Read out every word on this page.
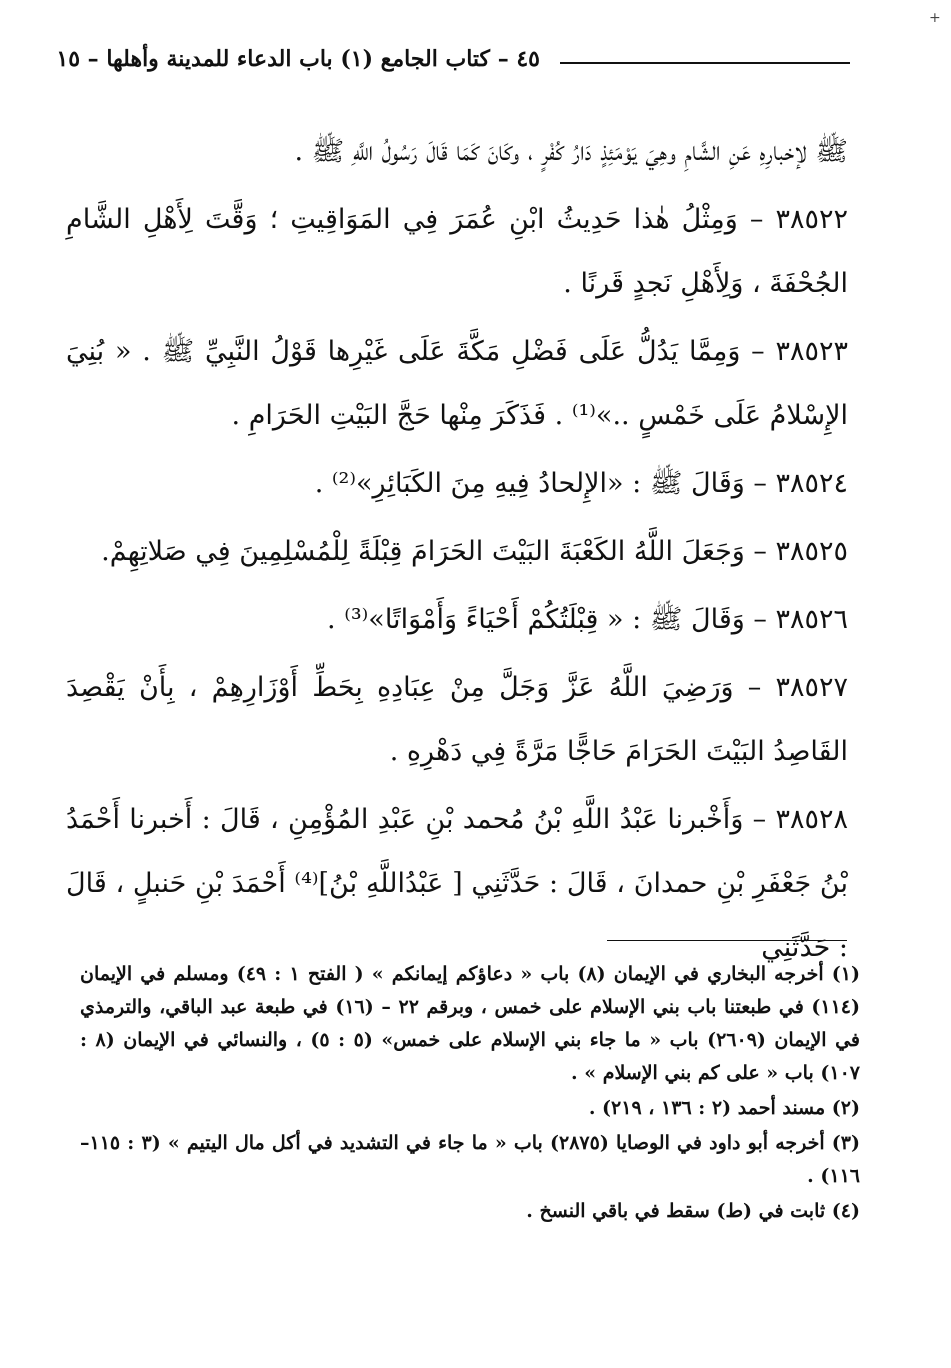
+
٤٥ – كتاب الجامع (١) باب الدعاء للمدينة وأهلها – ١٥

ﷺ لإخبارِهِ عَنِ الشَّامِ وهِيَ يَوْمَئِذٍ دَارُ كُفْرٍ ، وكَانَ كَمَا قَالَ رَسُولُ اللَّهِ ﷺ .

٣٨٥٢٢ – وَمِثْلُ هٰذا حَدِيثُ ابْنِ عُمَرَ فِي المَوَاقِيتِ ؛ وَقَّتَ لِأَهْلِ الشَّامِ الجُحْفَةَ ، وَلِأَهْلِ نَجدٍ قَرنًا .

٣٨٥٢٣ – وَمِمَّا يَدُلُّ عَلَى فَضْلِ مَكَّةَ عَلَى غَيْرِها قَوْلُ النَّبِيِّ ﷺ . « بُنِيَ الإِسْلامُ عَلَى خَمْسٍ ..»⁽¹⁾ . فَذَكَرَ مِنْها حَجَّ البَيْتِ الحَرَامِ .

٣٨٥٢٤ – وَقَالَ ﷺ : «الإِلحادُ فِيهِ مِنَ الكَبَائِرِ»⁽²⁾ .

٣٨٥٢٥ – وَجَعَلَ اللَّهُ الكَعْبَةَ البَيْتَ الحَرَامَ قِبْلَةً لِلْمُسْلِمِينَ فِي صَلاتِهِمْ.

٣٨٥٢٦ – وَقَالَ ﷺ : « قِبْلَتُكُمْ أَحْيَاءً وَأَمْوَاتًا»⁽³⁾ .

٣٨٥٢٧ – وَرَضِيَ اللَّهُ عَزَّ وَجَلَّ مِنْ عِبَادِهِ بِحَطِّ أَوْزَارِهِمْ ، بِأَنْ يَقْصِدَ القَاصِدُ البَيْتَ الحَرَامَ حَاجًّا مَرَّةً فِي دَهْرِهِ .

٣٨٥٢٨ – وَأَخْبرنا عَبْدُ اللَّهِ بْنُ مُحمد بْنِ عَبْدِ المُؤْمِنِ ، قَالَ : أَخبرنا أَحْمَدُ بْنُ جَعْفَرِ بْنِ حمدانَ ، قَالَ : حَدَّثَنِي [ عَبْدُاللَّهِ بْنُ]⁽⁴⁾ أَحْمَدَ بْنِ حَنبلٍ ، قَالَ : حَدَّثَنِي

(١) أخرجه البخاري في الإيمان (٨) باب « دعاؤكم إيمانكم » ( الفتح ١ : ٤٩) ومسلم في الإيمان (١١٤) في طبعتنا باب بني الإسلام على خمس ، وبرقم ٢٢ – (١٦) في طبعة عبد الباقي، والترمذي في الإيمان (٢٦٠٩) باب « ما جاء بني الإسلام على خمس» (٥ : ٥) ، والنسائي في الإيمان (٨ : ١٠٧) باب « على كم بني الإسلام » .

(٢) مسند أحمد (٢ : ١٣٦ ، ٢١٩) .

(٣) أخرجه أبو داود في الوصايا (٢٨٧٥) باب « ما جاء في التشديد في أكل مال اليتيم » (٣ : ١١٥– ١١٦) .

(٤) ثابت في (ط) سقط في باقي النسخ .
